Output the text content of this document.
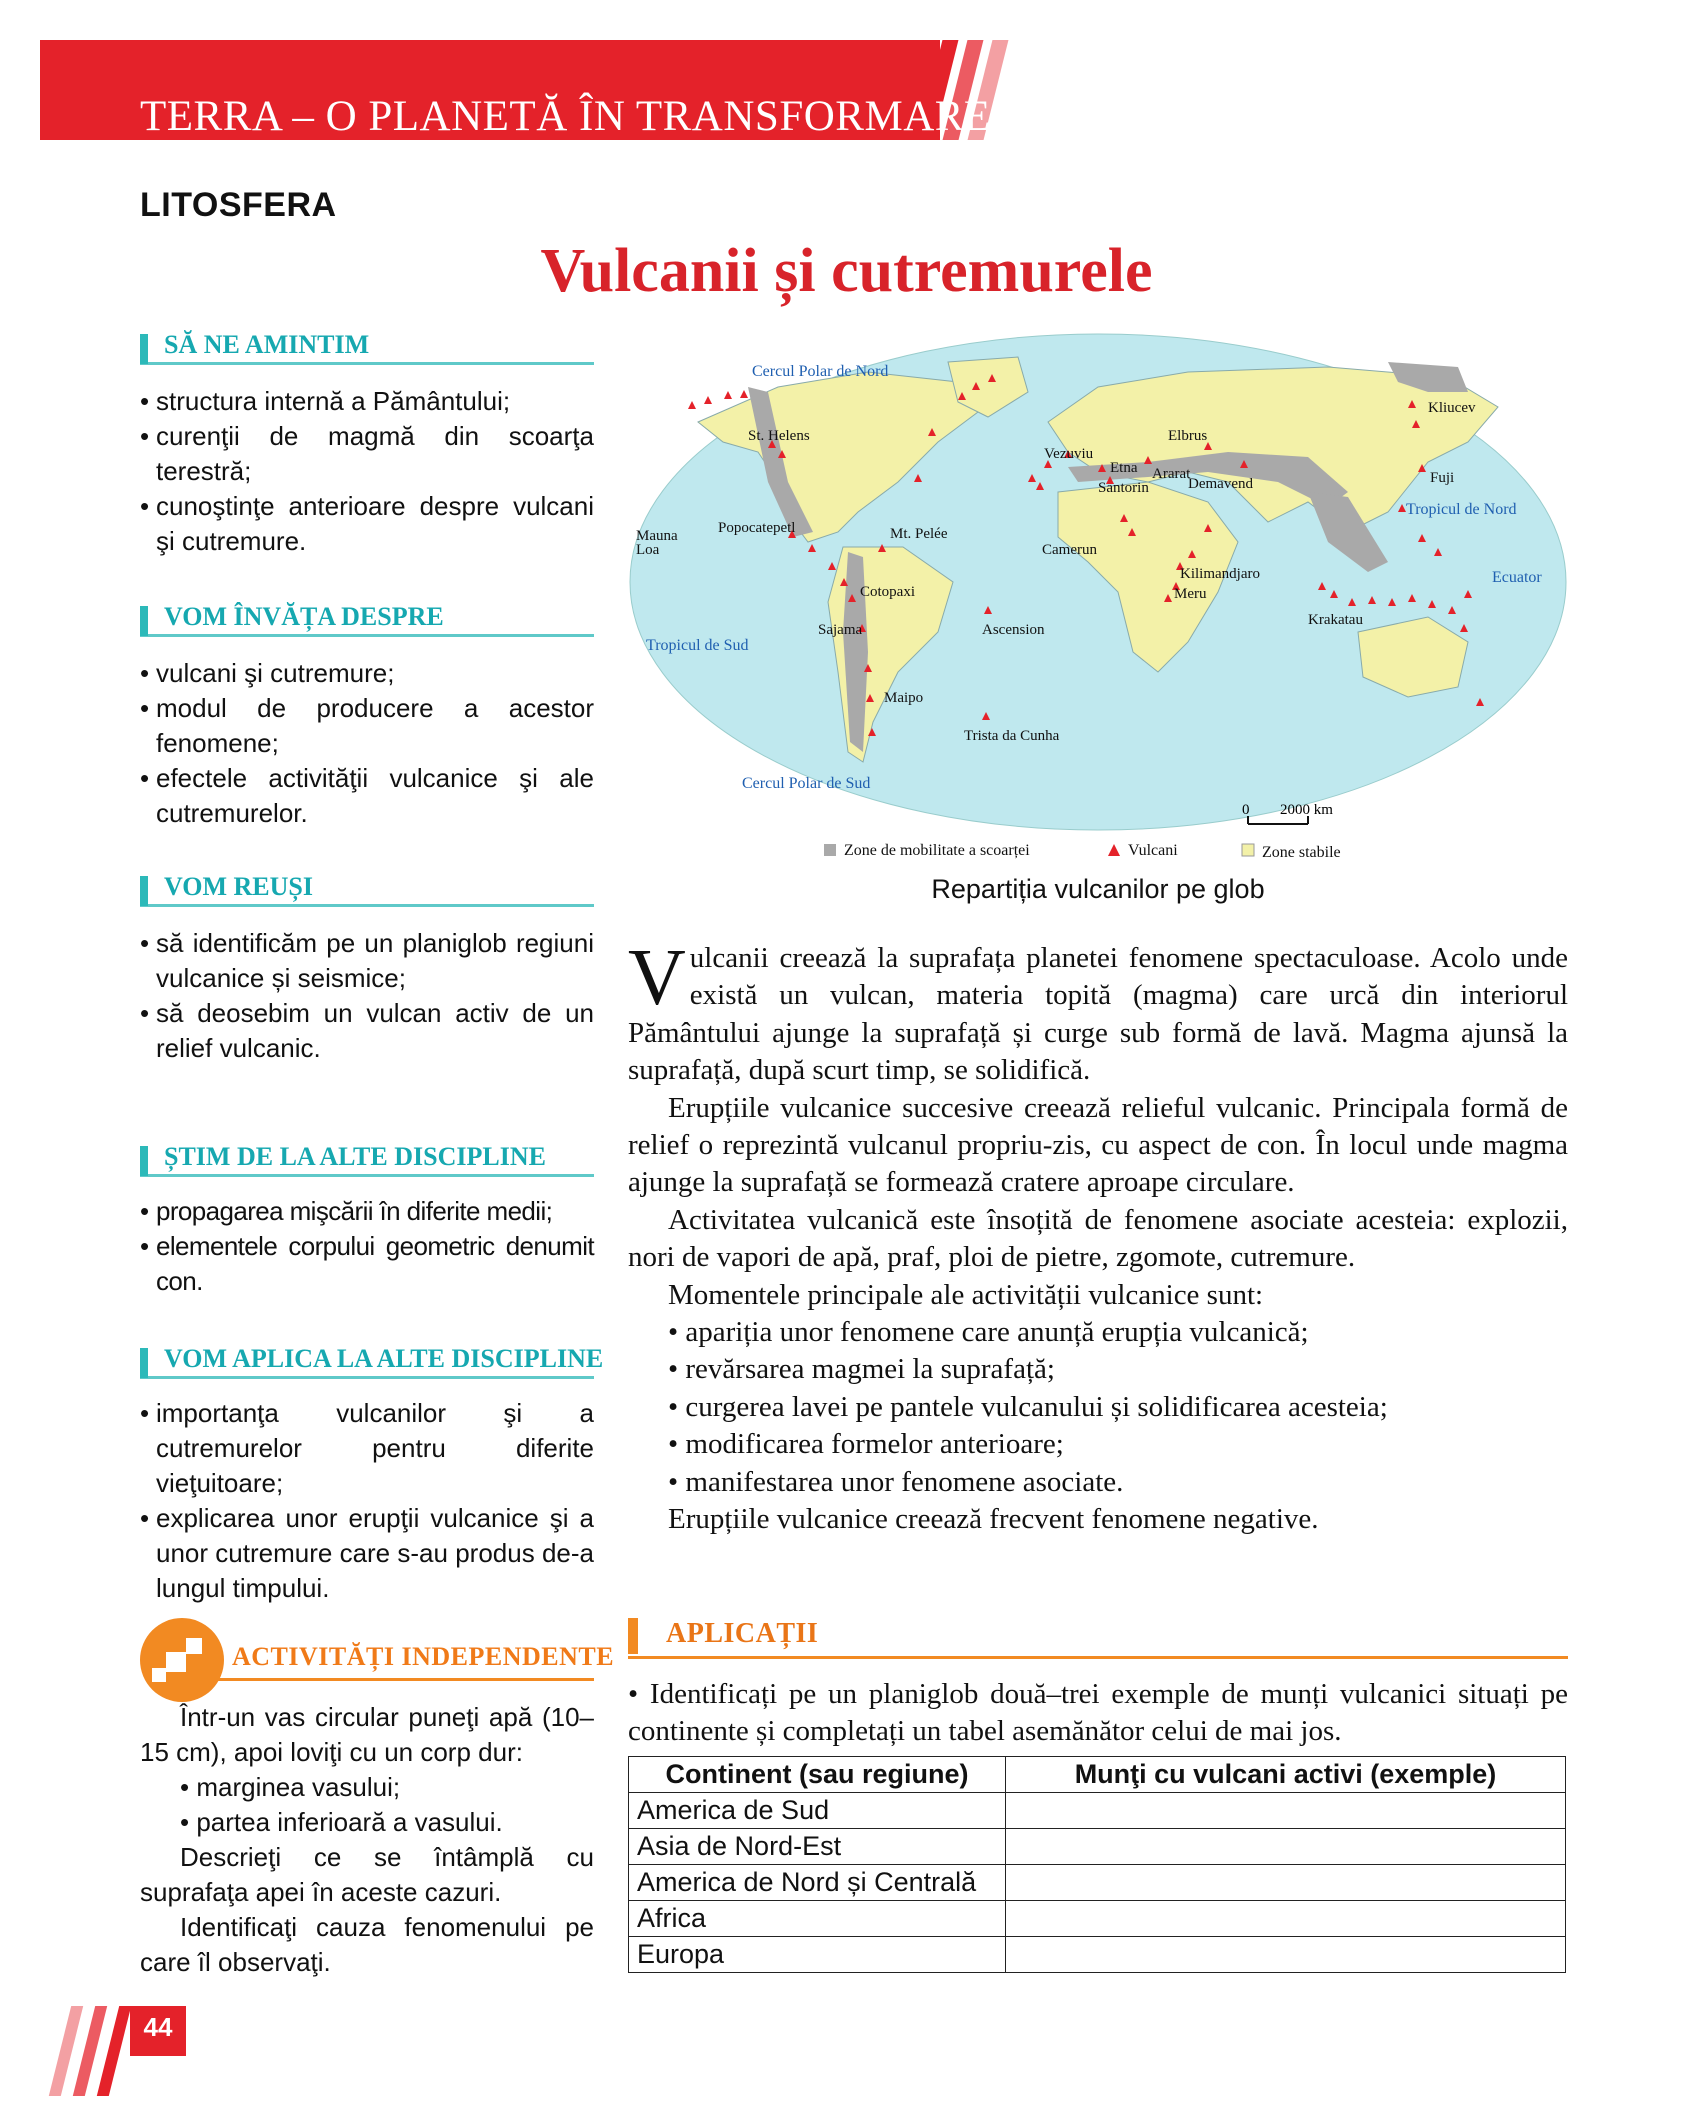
TERRA – O PLANETĂ ÎN TRANSFORMARE
LITOSFERA
Vulcanii și cutremurele
SĂ NE AMINTIM
• structura internă a Pământului;
• curenţii de magmă din scoarţa terestră;
• cunoştinţe anterioare despre vulcani şi cutremure.
VOM ÎNVĂȚA DESPRE
• vulcani şi cutremure;
• modul de producere a acestor fenomene;
• efectele activităţii vulcanice şi ale cutremurelor.
VOM REUȘI
• să identificăm pe un planiglob regiuni vulcanice și seismice;
• să deosebim un vulcan activ de un relief vulcanic.
ȘTIM DE LA ALTE DISCIPLINE
• propagarea mişcării în diferite medii;
• elementele corpului geometric denumit con.
VOM APLICA LA ALTE DISCIPLINE
• importanţa vulcanilor şi a cutremurelor pentru diferite vieţuitoare;
• explicarea unor erupţii vulcanice şi a unor cutremure care s-au produs de-a lungul timpului.
ACTIVITĂȚI INDEPENDENTE

Într-un vas circular puneţi apă (10–15 cm), apoi loviţi cu un corp dur:

• marginea vasului;

• partea inferioară a vasului.

Descrieţi ce se întâmplă cu suprafaţa apei în aceste cazuri.

Identificaţi cauza fenomenului pe care îl observaţi.

44
St. Helens
Popocatepetl	Mt. Pelée
Mauna
Loa
Cotopaxi
Sajama
Maipo
Vezuviu
Etna
Santorin
Elbrus
Ararat
Demavend
Camerun
Kilimandjaro
Meru
Ascension
Trista da Cunha
Kliucev
Fuji
Krakatau
Cercul Polar de Nord
Cercul Polar de Sud
Tropicul de Nord
Tropicul de Sud
Ecuator
0 2000 km
Zone de mobilitate a scoarței	Vulcani	Zone stabile
Repartiția vulcanilor pe glob

Vulcanii creează la suprafața planetei fenomene spectaculoase. Acolo unde există un vulcan, materia topită (magma) care urcă din interiorul Pământului ajunge la suprafață și curge sub formă de lavă. Magma ajunsă la suprafață, după scurt timp, se solidifică.

Erupțiile vulcanice succesive creează relieful vulcanic. Principala formă de relief o reprezintă vulcanul propriu-zis, cu aspect de con. În locul unde magma ajunge la suprafață se formează cratere aproape circulare.

Activitatea vulcanică este însoțită de fenomene asociate acesteia: explozii, nori de vapori de apă, praf, ploi de pietre, zgomote, cutremure.

Momentele principale ale activității vulcanice sunt:

• apariția unor fenomene care anunță erupția vulcanică;

• revărsarea magmei la suprafață;

• curgerea lavei pe pantele vulcanului și solidificarea acesteia;

• modificarea formelor anterioare;

• manifestarea unor fenomene asociate.

Erupțiile vulcanice creează frecvent fenomene negative.

APLICAȚII
• Identificați pe un planiglob două–trei exemple de munți vulcanici situați pe continente și completați un tabel asemănător celui de mai jos.
Continent (sau regiune)	Munţi cu vulcani activi (exemple)
America de Sud	
Asia de Nord-Est	
America de Nord și Centrală	
Africa	
Europa	
